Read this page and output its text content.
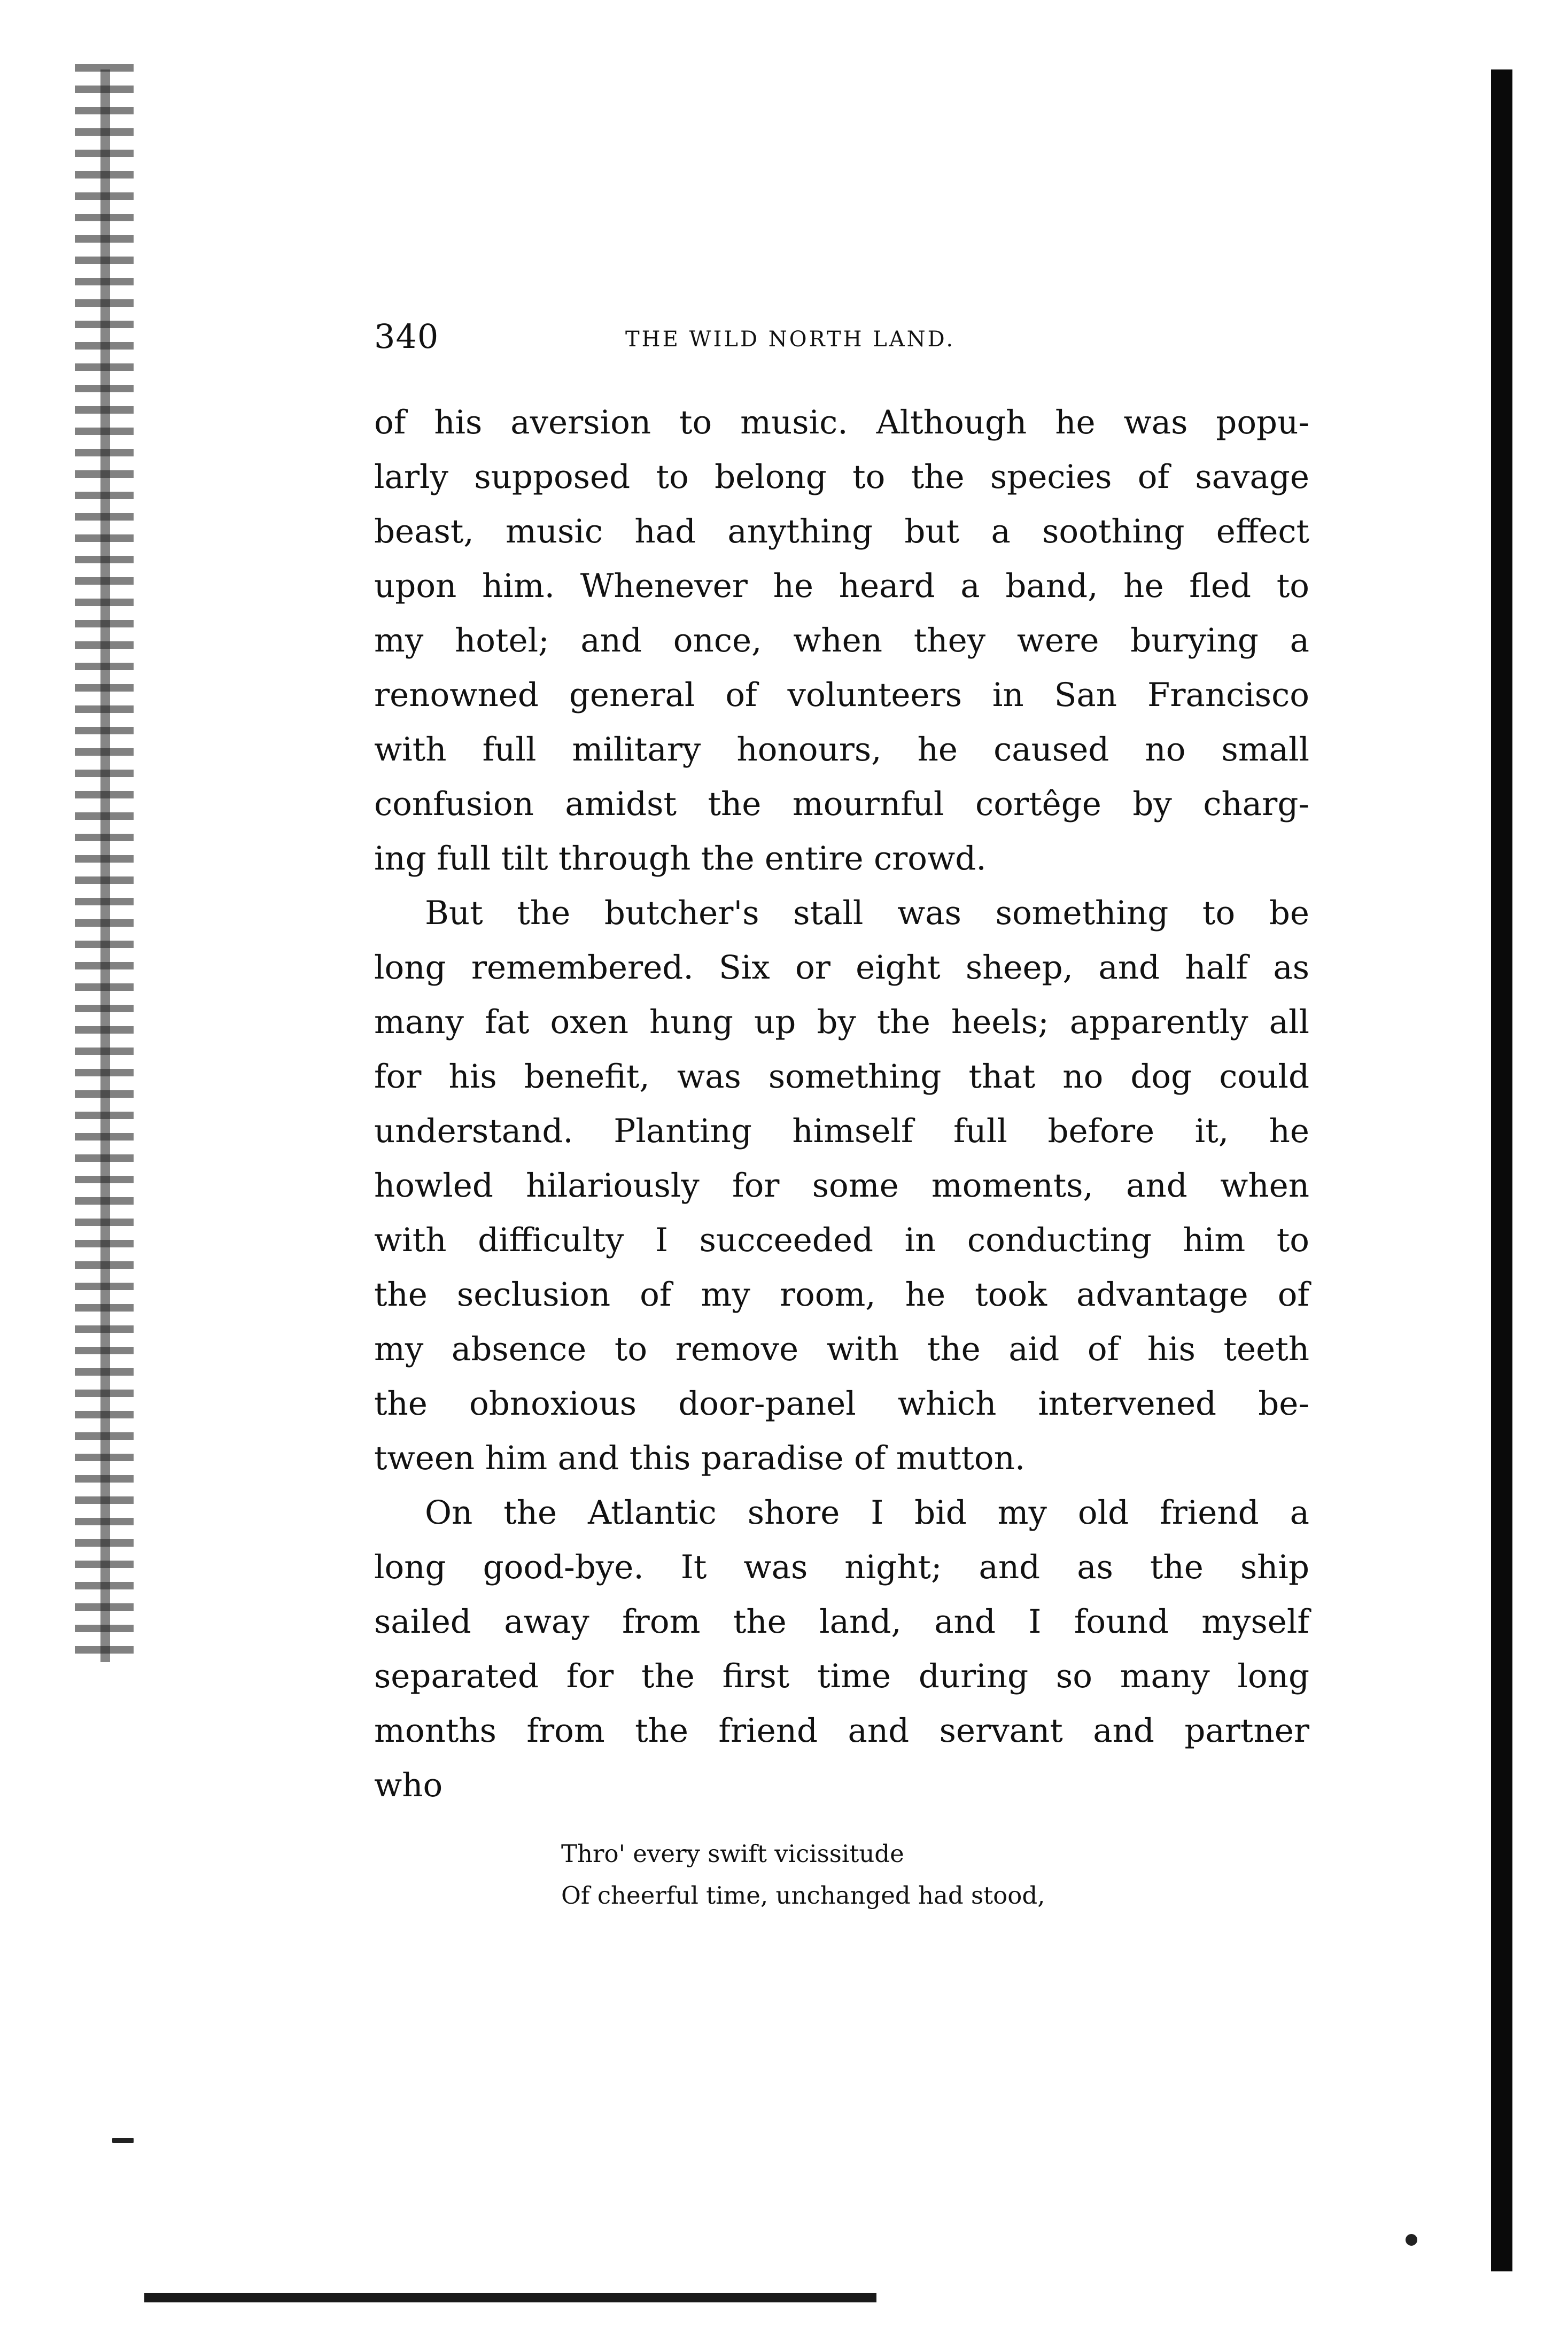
340	THE WILD NORTH LAND.
of his aversion to music. Although he was popu-
larly supposed to belong to the species of savage
beast, music had anything but a soothing effect
upon him. Whenever he heard a band, he fled to
my hotel; and once, when they were burying a
renowned general of volunteers in San Francisco
with full military honours, he caused no small
confusion amidst the mournful cortêge by charg-
ing full tilt through the entire crowd.
But the butcher's stall was something to be
long remembered. Six or eight sheep, and half as
many fat oxen hung up by the heels; apparently all
for his benefit, was something that no dog could
understand. Planting himself full before it, he
howled hilariously for some moments, and when
with difficulty I succeeded in conducting him to
the seclusion of my room, he took advantage of
my absence to remove with the aid of his teeth
the obnoxious door-panel which intervened be-
tween him and this paradise of mutton.
On the Atlantic shore I bid my old friend a
long good-bye. It was night; and as the ship
sailed away from the land, and I found myself
separated for the first time during so many long
months from the friend and servant and partner
who
Thro' every swift vicissitude
Of cheerful time, unchanged had stood,
